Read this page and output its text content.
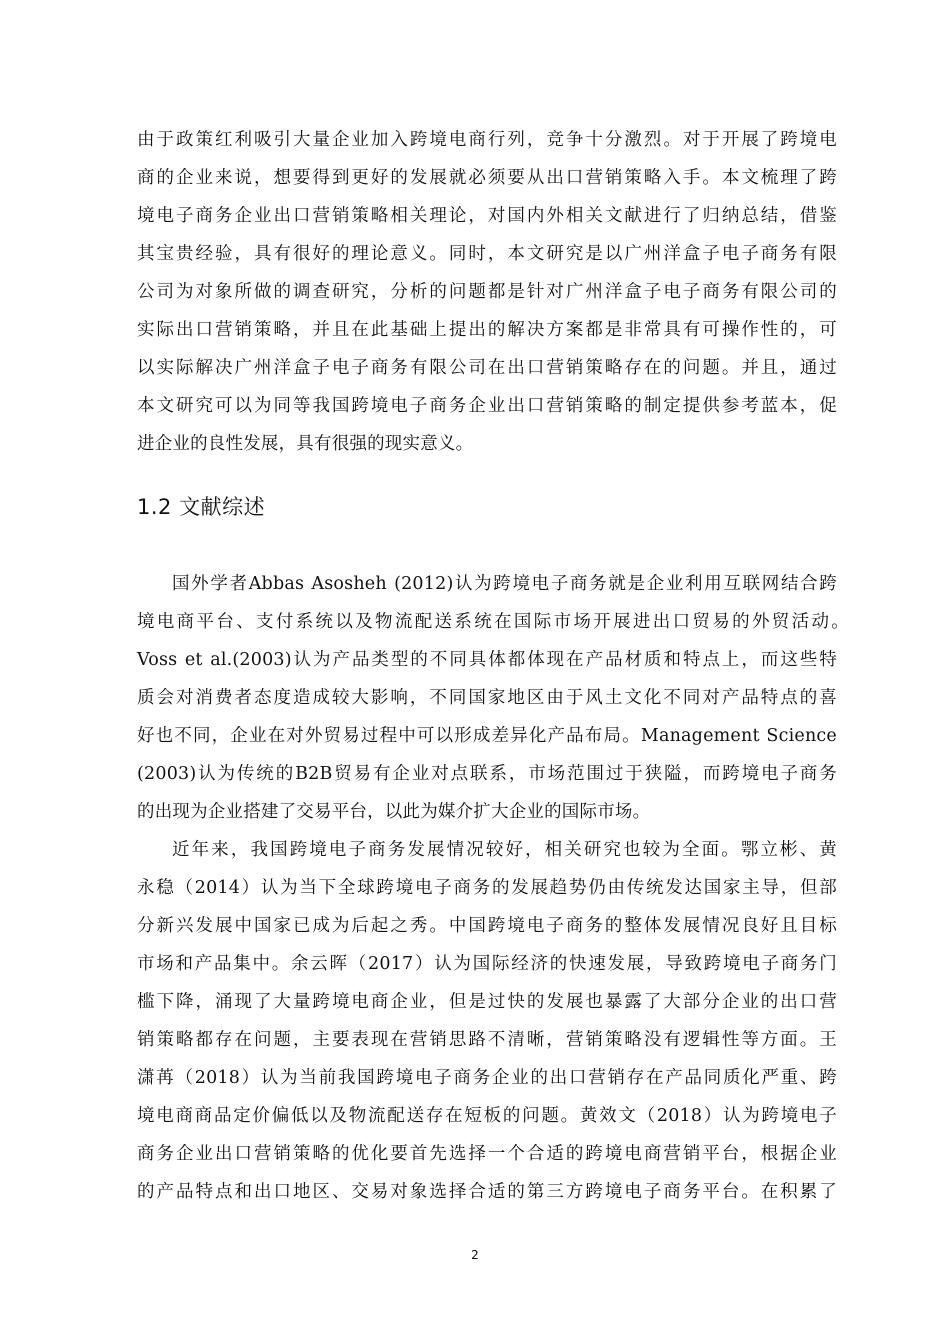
由于政策红利吸引大量企业加入跨境电商行列，竞争十分激烈。对于开展了跨境电
商的企业来说，想要得到更好的发展就必须要从出口营销策略入手。本文梳理了跨
境电子商务企业出口营销策略相关理论，对国内外相关文献进行了归纳总结，借鉴
其宝贵经验，具有很好的理论意义。同时，本文研究是以广州洋盒子电子商务有限
公司为对象所做的调查研究，分析的问题都是针对广州洋盒子电子商务有限公司的
实际出口营销策略，并且在此基础上提出的解决方案都是非常具有可操作性的，可
以实际解决广州洋盒子电子商务有限公司在出口营销策略存在的问题。并且，通过
本文研究可以为同等我国跨境电子商务企业出口营销策略的制定提供参考蓝本，促
进企业的良性发展，具有很强的现实意义。
1.2 文献综述
国外学者Abbas Asosheh (2012)认为跨境电子商务就是企业利用互联网结合跨
境电商平台、支付系统以及物流配送系统在国际市场开展进出口贸易的外贸活动。
Voss et al.(2003)认为产品类型的不同具体都体现在产品材质和特点上，而这些特
质会对消费者态度造成较大影响，不同国家地区由于风土文化不同对产品特点的喜
好也不同，企业在对外贸易过程中可以形成差异化产品布局。Management Science
(2003)认为传统的B2B贸易有企业对点联系，市场范围过于狭隘，而跨境电子商务
的出现为企业搭建了交易平台，以此为媒介扩大企业的国际市场。
近年来，我国跨境电子商务发展情况较好，相关研究也较为全面。鄂立彬、黄
永稳（2014）认为当下全球跨境电子商务的发展趋势仍由传统发达国家主导，但部
分新兴发展中国家已成为后起之秀。中国跨境电子商务的整体发展情况良好且目标
市场和产品集中。余云晖（2017）认为国际经济的快速发展，导致跨境电子商务门
槛下降，涌现了大量跨境电商企业，但是过快的发展也暴露了大部分企业的出口营
销策略都存在问题，主要表现在营销思路不清晰，营销策略没有逻辑性等方面。王
潇苒（2018）认为当前我国跨境电子商务企业的出口营销存在产品同质化严重、跨
境电商商品定价偏低以及物流配送存在短板的问题。黄效文（2018）认为跨境电子
商务企业出口营销策略的优化要首先选择一个合适的跨境电商营销平台，根据企业
的产品特点和出口地区、交易对象选择合适的第三方跨境电子商务平台。在积累了
2
